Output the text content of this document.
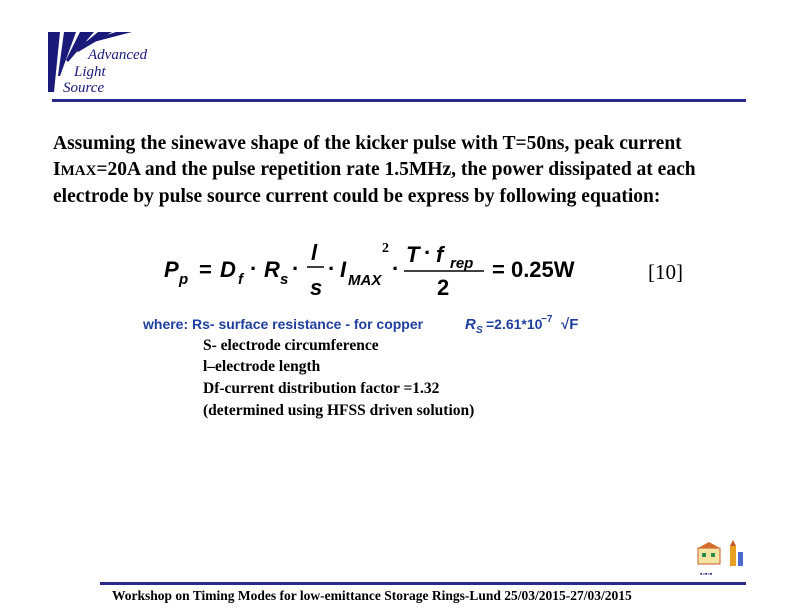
Advanced
Light
Source
Assuming the sinewave shape of the kicker pulse with T=50ns, peak current IMAX=20A and the pulse repetition rate 1.5MHz, the power dissipated at each electrode by pulse source current could be express by following equation:
P p = D f · R s ·
l
s
· I MAX
2
·
T · f rep
2
= 0.25W	[10]
where: Rs- surface resistance - for copper	R S =2.61*10
−7 √F
S- electrode circumference
l–electrode length
Df-current distribution factor =1.32
(determined using HFSS driven solution)
▪▫▪▫▪
Workshop on Timing Modes for low-emittance Storage Rings-Lund 25/03/2015-27/03/2015
